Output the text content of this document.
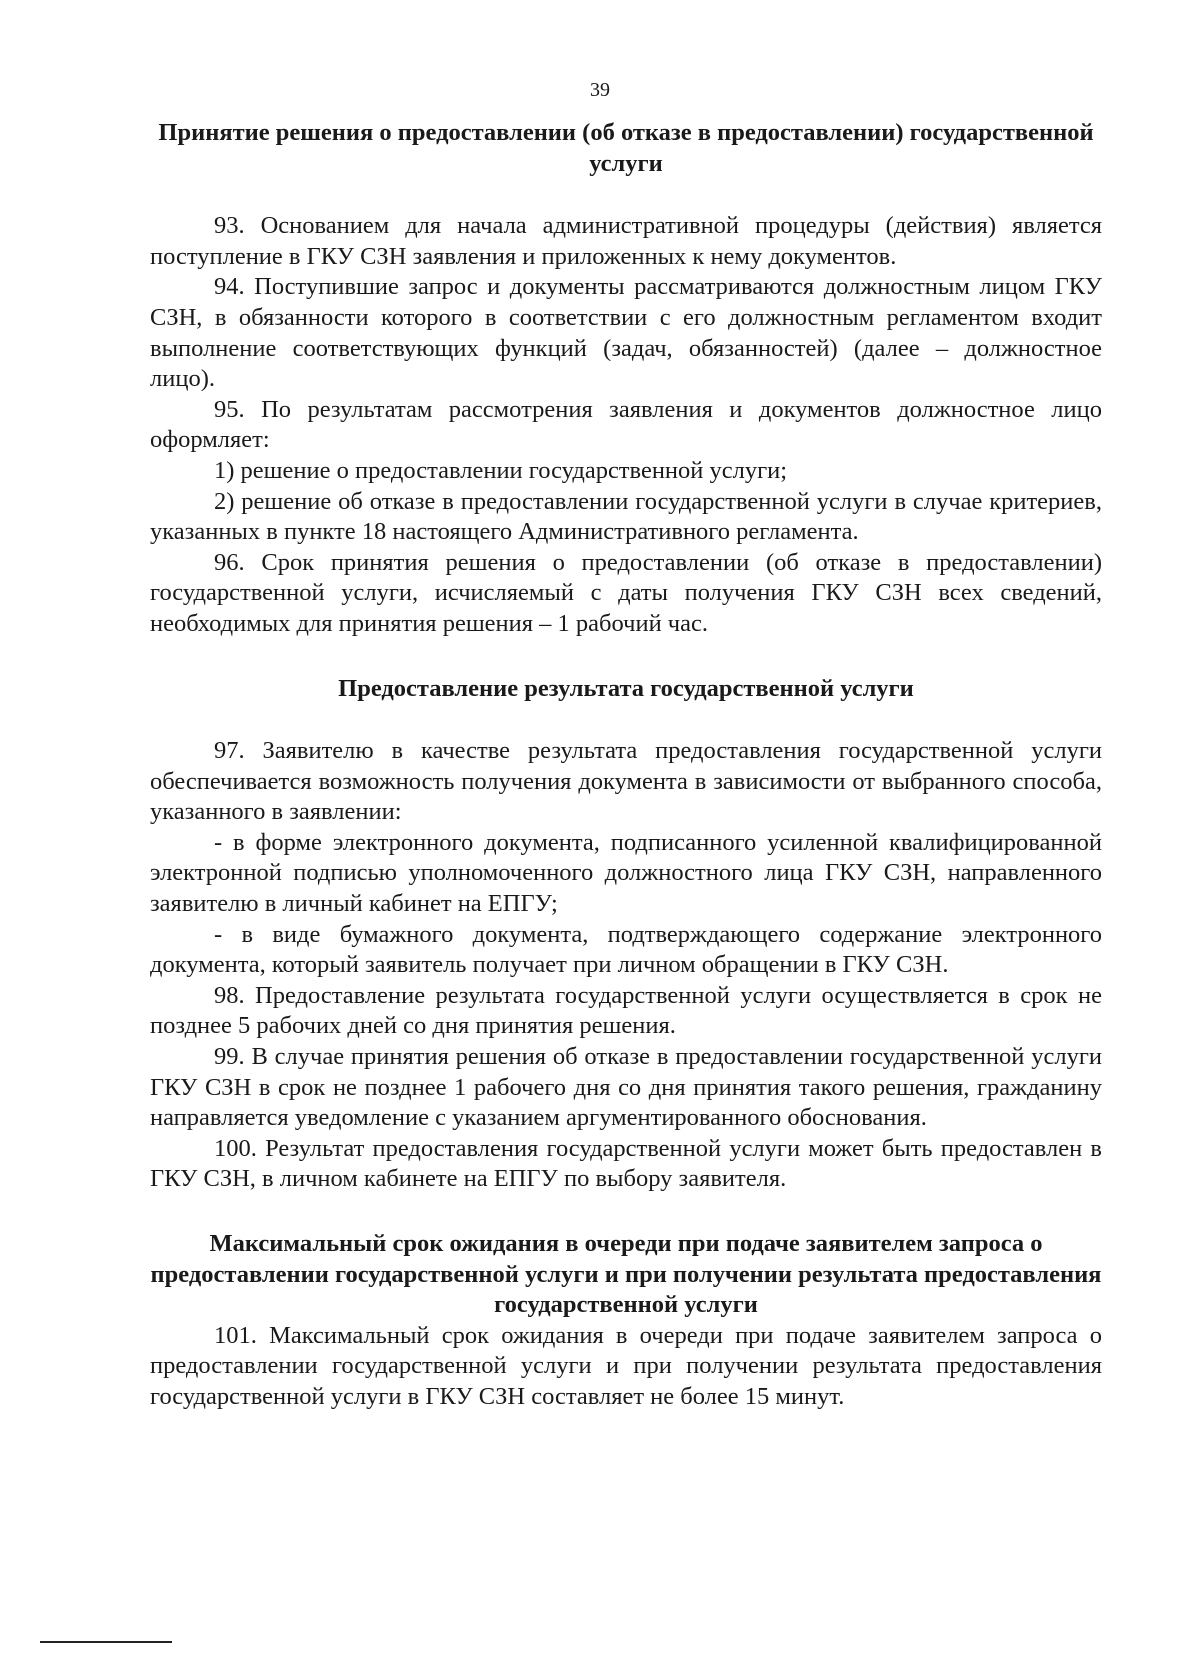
39
Принятие решения о предоставлении (об отказе в предоставлении) государственной услуги
93. Основанием для начала административной процедуры (действия) является поступление в ГКУ СЗН заявления и приложенных к нему документов.
94. Поступившие запрос и документы рассматриваются должностным лицом ГКУ СЗН, в обязанности которого в соответствии с его должностным регламентом входит выполнение соответствующих функций (задач, обязанностей) (далее – должностное лицо).
95. По результатам рассмотрения заявления и документов должностное лицо оформляет:
1) решение о предоставлении государственной услуги;
2) решение об отказе в предоставлении государственной услуги в случае критериев, указанных в пункте 18 настоящего Административного регламента.
96. Срок принятия решения о предоставлении (об отказе в предоставлении) государственной услуги, исчисляемый с даты получения ГКУ СЗН всех сведений, необходимых для принятия решения – 1 рабочий час.
Предоставление результата государственной услуги
97. Заявителю в качестве результата предоставления государственной услуги обеспечивается возможность получения документа в зависимости от выбранного способа, указанного в заявлении:
- в форме электронного документа, подписанного усиленной квалифицированной электронной подписью уполномоченного должностного лица ГКУ СЗН, направленного заявителю в личный кабинет на ЕПГУ;
- в виде бумажного документа, подтверждающего содержание электронного документа, который заявитель получает при личном обращении в ГКУ СЗН.
98. Предоставление результата государственной услуги осуществляется в срок не позднее 5 рабочих дней со дня принятия решения.
99. В случае принятия решения об отказе в предоставлении государственной услуги ГКУ СЗН в срок не позднее 1 рабочего дня со дня принятия такого решения, гражданину направляется уведомление с указанием аргументированного обоснования.
100. Результат предоставления государственной услуги может быть предоставлен в ГКУ СЗН, в личном кабинете на ЕПГУ по выбору заявителя.
Максимальный срок ожидания в очереди при подаче заявителем запроса о предоставлении государственной услуги и при получении результата предоставления государственной услуги
101. Максимальный срок ожидания в очереди при подаче заявителем запроса о предоставлении государственной услуги и при получении результата предоставления государственной услуги в ГКУ СЗН составляет не более 15 минут.
